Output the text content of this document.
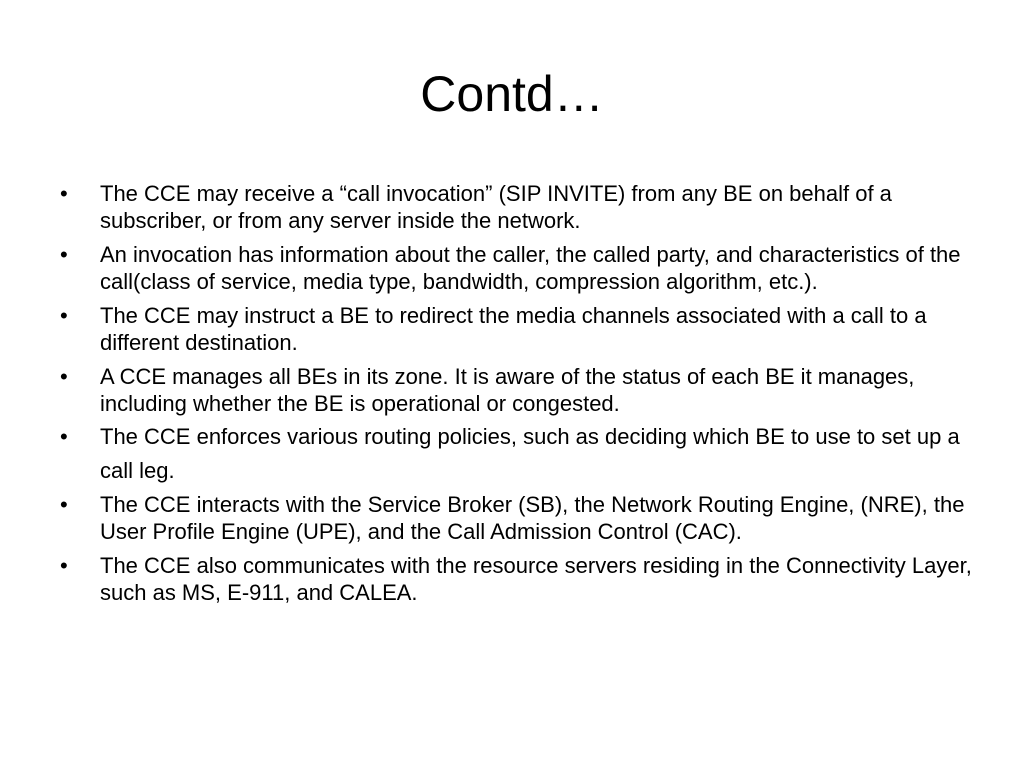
Contd…
•	The CCE may receive a “call invocation” (SIP INVITE) from any BE on behalf of a subscriber, or from any server inside the network.
•	An invocation has information about the caller, the called party, and characteristics of the call(class of service, media type, bandwidth, compression algorithm, etc.).
•	The CCE may instruct a BE to redirect the media channels associated with a call to a different destination.
•	A CCE manages all BEs in its zone. It is aware of the status of each BE it manages, including whether the BE is operational or congested.
•	The CCE enforces various routing policies, such as deciding which BE to use to set up a call leg.
•	The CCE interacts with the Service Broker (SB), the Network Routing Engine, (NRE), the User Profile Engine (UPE), and the Call Admission Control (CAC).
•	The CCE also communicates with the resource servers residing in the Connectivity Layer, such as MS, E-911, and CALEA.
